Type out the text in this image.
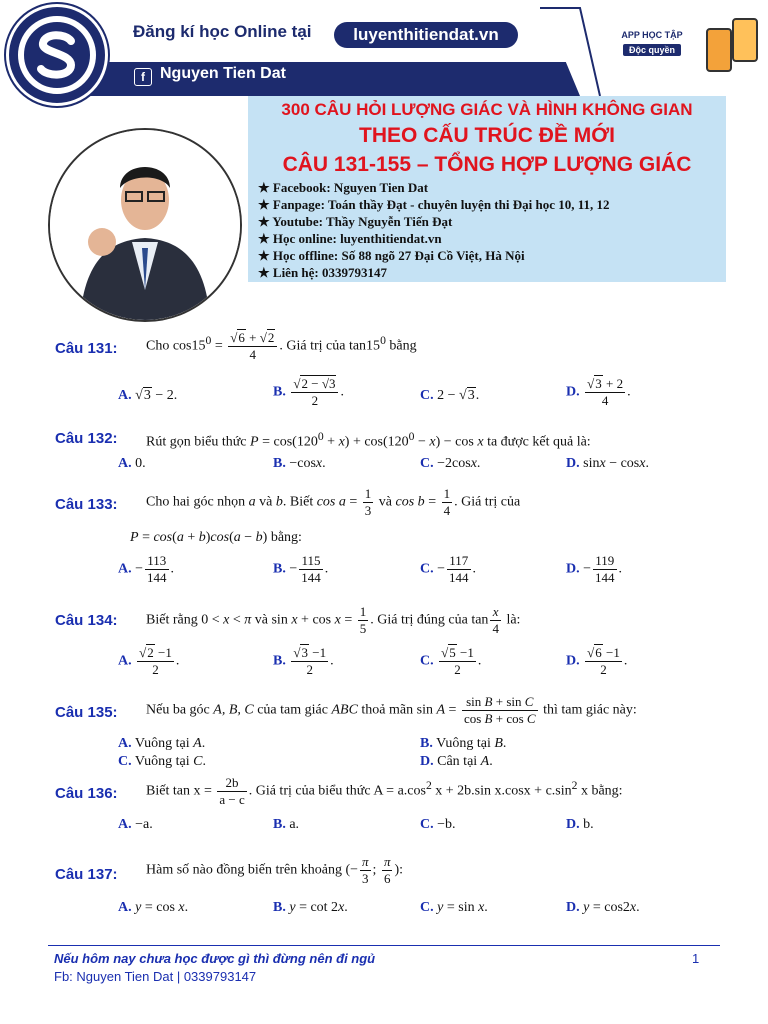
Đăng kí học Online tại	luyenthitiendat.vn
f Nguyen Tien Dat
APP HỌC TẬP
Độc quyền
300 CÂU HỎI LƯỢNG GIÁC VÀ HÌNH KHÔNG GIAN
THEO CẤU TRÚC ĐỀ MỚI
CÂU 131-155 – TỔNG HỢP LƯỢNG GIÁC
★ Facebook: Nguyen Tien Dat
★ Fanpage: Toán thầy Đạt - chuyên luyện thi Đại học 10, 11, 12
★ Youtube: Thầy Nguyễn Tiến Đạt
★ Học online: luyenthitiendat.vn
★ Học offline: Số 88 ngõ 27 Đại Cồ Việt, Hà Nội
★ Liên hệ: 0339793147
Câu 131: Cho $\cos 15^0 = \frac{√6 + √2}{4}$ . Giá trị của $\tan 15^0$ bằng
A. √3 − 2.	B. $\frac{√2 - √3}{2}$ .	C. 2 − √3.	D. $\frac{√3 + 2}{4}$ .
Câu 132: Rút gọn biểu thức $P = \cos(120^0 + x) + \cos(120^0 - x) - \cos x$ ta được kết quả là:
A. 0.	B. −cosx.	C. −2cosx.	D. sinx − cosx.
Câu 133: Cho hai góc nhọn a và b. Biết $\cos a = \frac{1}{3}$ và $\cos b = \frac{1}{4}$ . Giá trị của
P = cos(a + b)cos(a − b) bằng:
A. − $\frac{113}{144}$ .	B. − $\frac{115}{144}$ .	C. − $\frac{117}{144}$ .	D. − $\frac{119}{144}$ .
Câu 134: Biết rằng 0 < x < π và $\sin x + \cos x = \frac{1}{5}$ . Giá trị đúng của $\tan \frac{x}{4}$ là:
A. $\frac{√2 -1}{2}$ .	B. $\frac{√3 -1}{2}$ .	C. $\frac{√5 -1}{2}$ .	D. $\frac{√6 -1}{2}$ .
Câu 135: Nếu ba góc A, B, C của tam giác ABC thoả mãn $\sin A = \frac{\text{sin B + sin C}}{\text{cos B + cos C}}$ thì tam giác này:
A. Vuông tại A.	B. Vuông tại B.
C. Vuông tại C.	D. Cân tại A.
Câu 136: Biết $\tan x = \frac{2b}{a - c}$ . Giá trị của biểu thức $A = a.\cos^2$ x + 2b.sin $x.\cos x + c.\sin^2$ x bằng:
A. −a.	B. a.	C. −b.	D. b.
Câu 137: Hàm số nào đồng biến trên khoảng (− $\frac{\pi}{3}$ ; $\frac{\pi}{6}$ ):
A. y = cos x.	B. y = cot 2x.	C. y = sin x.	D. y = cos2x.
Nếu hôm nay chưa học được gì thì đừng nên đi ngủ
Fb: Nguyen Tien Dat | 0339793147
1
